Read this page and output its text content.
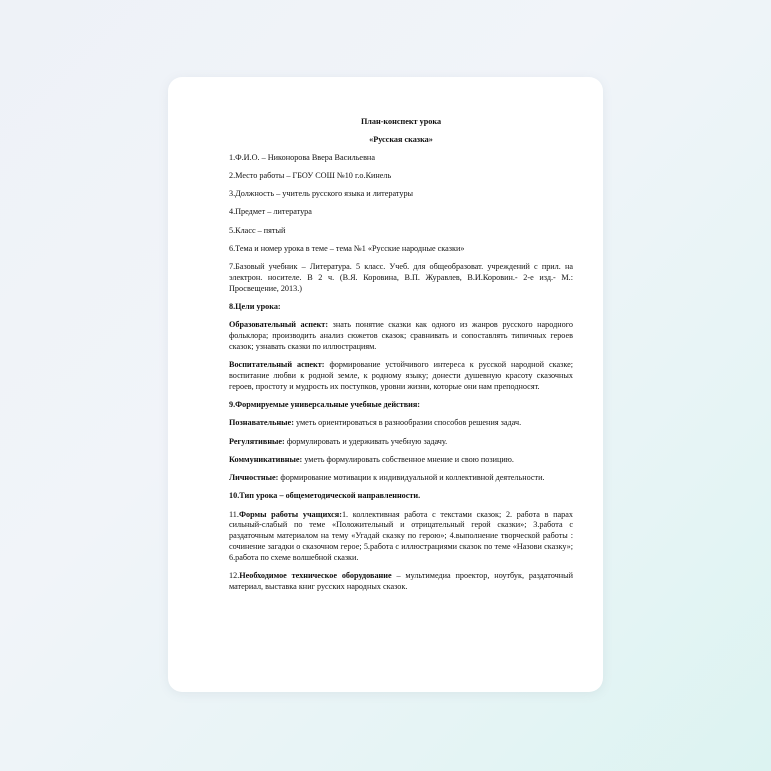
План-конспект урока

«Русская сказка»

1.Ф.И.О. – Никонорова Ввера Васильевна

2.Место работы – ГБОУ СОШ №10 г.о.Кинель

3.Должность – учитель русского языка и литературы

4.Предмет – литература

5.Класс – пятый

6.Тема и номер урока в теме – тема №1 «Русские народные сказки»

7.Базовый учебник – Литература. 5 класс. Учеб. для общеобразоват. учреждений с прил. на электрон. носителе. В 2 ч. (В.Я. Коровина, В.П. Журавлев, В.И.Коровин.- 2-е изд.- М.: Просвещение, 2013.)

8.Цели урока:

Образовательный аспект: знать понятие сказки как одного из жанров русского народного фольклора; производить анализ сюжетов сказок; сравнивать и сопоставлять типичных героев сказок; узнавать сказки по иллюстрациям.

Воспитательный аспект: формирование устойчивого интереса к русской народной сказке; воспитание любви к родной земле, к родному языку; донести душевную красоту сказочных героев, простоту и мудрость их поступков, уровни жизни, которые они нам преподносят.

9.Формируемые универсальные учебные действия:

Познавательные: уметь ориентироваться в разнообразии способов решения задач.

Регулятивные: формулировать и удерживать учебную задачу.

Коммуникативные: уметь формулировать собственное мнение и свою позицию.

Личностные: формирование мотивации к индивидуальной и коллективной деятельности.

10.Тип урока – общеметодической направленности.

11.Формы работы учащихся:1. коллективная работа с текстами сказок; 2. работа в парах сильный-слабый по теме «Положительный и отрицательный герой сказки»; 3.работа с раздаточным материалом на тему «Угадай сказку по герою»; 4.выполнение творческой работы : сочинение загадки о сказочном герое; 5.работа с иллюстрациями сказок по теме «Назови сказку»; 6.работа по схеме волшебной сказки.

12.Необходимое техническое оборудование – мультимедиа проектор, ноутбук, раздаточный материал, выставка книг русских народных сказок.
